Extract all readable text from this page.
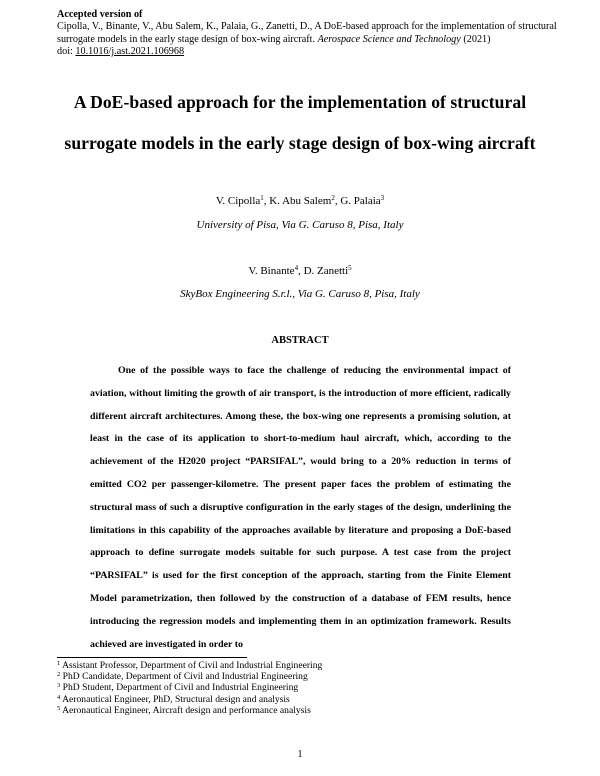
Accepted version of
Cipolla, V., Binante, V., Abu Salem, K., Palaia, G., Zanetti, D., A DoE-based approach for the implementation of structural
surrogate models in the early stage design of box-wing aircraft. Aerospace Science and Technology (2021)
doi: 10.1016/j.ast.2021.106968
A DoE-based approach for the implementation of structural
surrogate models in the early stage design of box-wing aircraft
V. Cipolla$^1$, K. Abu Salem$^2$, G. Palaia$^3$
University of Pisa, Via G. Caruso 8, Pisa, Italy
V. Binante$^4$, D. Zanetti$^5$
SkyBox Engineering S.r.l., Via G. Caruso 8, Pisa, Italy
ABSTRACT

One of the possible ways to face the challenge of reducing the environmental impact of aviation, without limiting the growth of air transport, is the introduction of more efficient, radically different aircraft architectures. Among these, the box-wing one represents a promising solution, at least in the case of its application to short-to-medium haul aircraft, which, according to the achievement of the H2020 project “PARSIFAL”, would bring to a 20% reduction in terms of emitted CO2 per passenger-kilometre. The present paper faces the problem of estimating the structural mass of such a disruptive configuration in the early stages of the design, underlining the limitations in this capability of the approaches available by literature and proposing a DoE-based approach to define surrogate models suitable for such purpose. A test case from the project “PARSIFAL” is used for the first conception of the approach, starting from the Finite Element Model parametrization, then followed by the construction of a database of FEM results, hence introducing the regression models and implementing them in an optimization framework. Results achieved are investigated in order to

$^1$ Assistant Professor, Department of Civil and Industrial Engineering
$^2$ PhD Candidate, Department of Civil and Industrial Engineering
$^3$ PhD Student, Department of Civil and Industrial Engineering
$^4$ Aeronautical Engineer, PhD, Structural design and analysis
$^5$ Aeronautical Engineer, Aircraft design and performance analysis
1
